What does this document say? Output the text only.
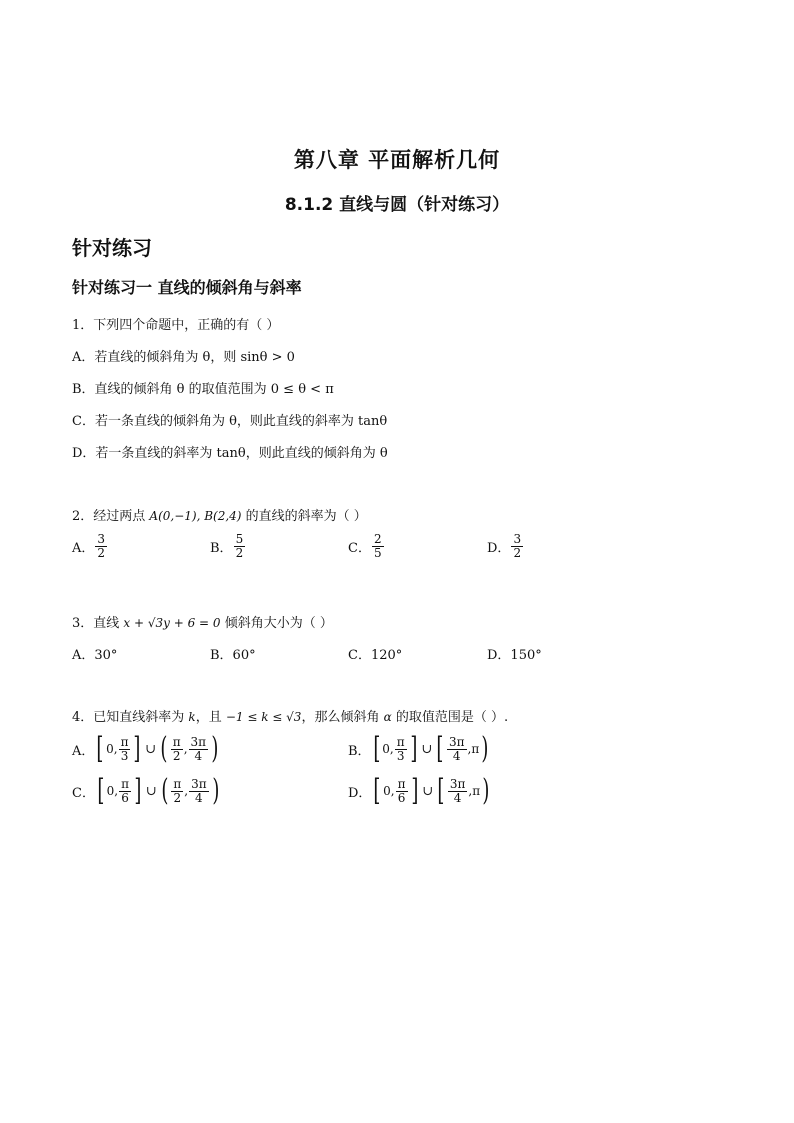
第八章 平面解析几何
8.1.2 直线与圆（针对练习）
针对练习
针对练习一 直线的倾斜角与斜率
1．下列四个命题中，正确的有（ ）
A．若直线的倾斜角为 θ，则 sinθ > 0
B．直线的倾斜角 θ 的取值范围为 0 ≤ θ < π
C．若一条直线的倾斜角为 θ，则此直线的斜率为 tanθ
D．若一条直线的斜率为 tanθ，则此直线的倾斜角为 θ
2．经过两点 A(0,−1), B(2,4) 的直线的斜率为（ ）
A． $\frac{3}{2}$	B． $\frac{5}{2}$	C． $\frac{2}{5}$	D． $\frac{3}{2}$
3．直线 x + √3y + 6 = 0 倾斜角大小为（ ）
A．30°	B．60°	C．120°	D．150°
4．已知直线斜率为 k，且 −1 ≤ k ≤ √3，那么倾斜角 α 的取值范围是（ ）.
A． [ 0, $\frac{\pi}{3}$ ] ∪ ( $\frac{\pi}{2}$ , $\frac{3\pi}{4}$ )	B． [ 0, $\frac{\pi}{3}$ ] ∪ [ $\frac{3\pi}{4}$ , π )
C． [ 0, $\frac{\pi}{6}$ ] ∪ ( $\frac{\pi}{2}$ , $\frac{3\pi}{4}$ )	D． [ 0, $\frac{\pi}{6}$ ] ∪ [ $\frac{3\pi}{4}$ , π )
